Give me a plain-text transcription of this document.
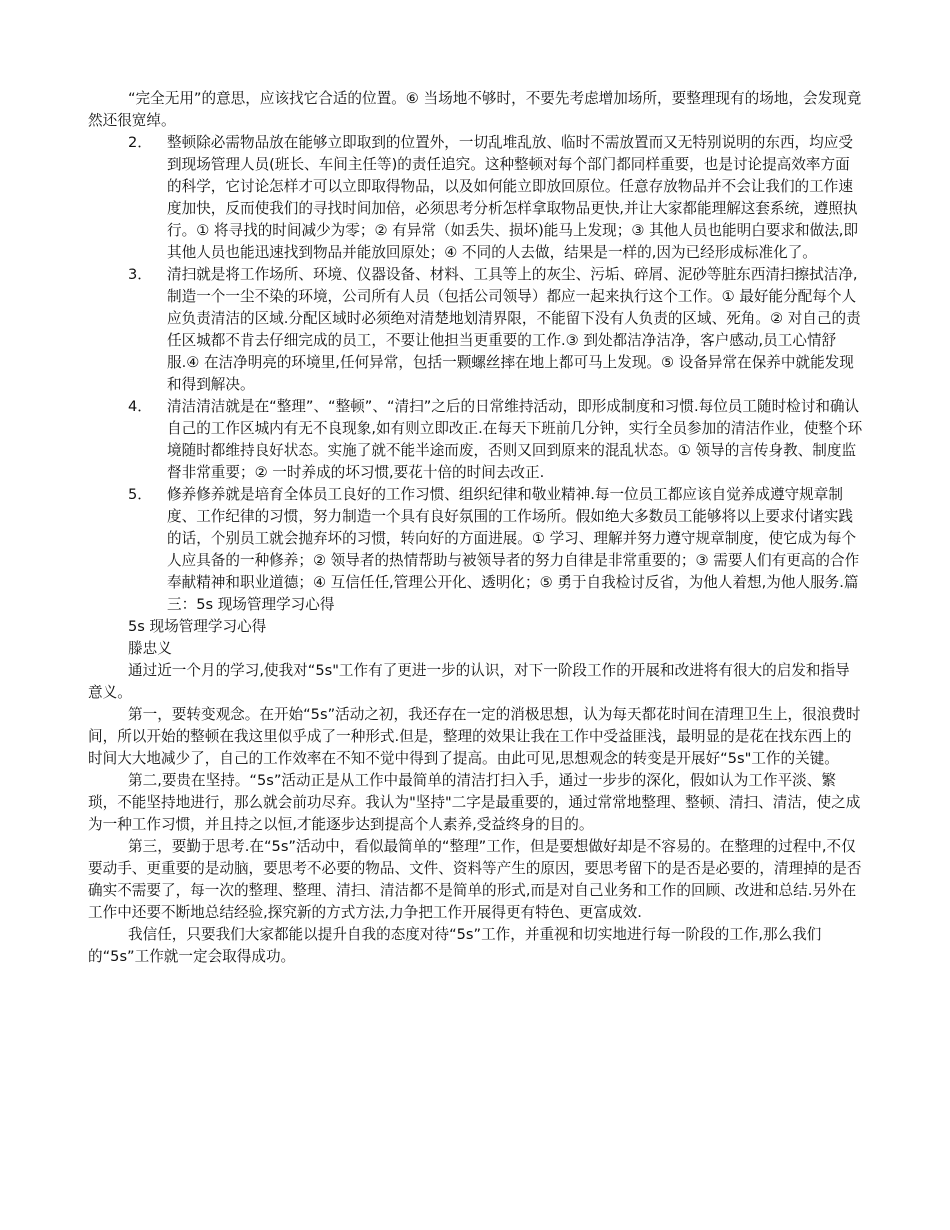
“完全无用”的意思，应该找它合适的位置。⑥ 当场地不够时，不要先考虑增加场所，要整理现有的场地，会发现竟然还很宽绰。

2．	整顿除必需物品放在能够立即取到的位置外，一切乱堆乱放、临时不需放置而又无特别说明的东西，均应受到现场管理人员(班长、车间主任等)的责任追究。这种整顿对每个部门都同样重要，也是讨论提高效率方面的科学，它讨论怎样才可以立即取得物品，以及如何能立即放回原位。任意存放物品并不会让我们的工作速度加快，反而使我们的寻找时间加倍，必须思考分析怎样拿取物品更快,并让大家都能理解这套系统，遵照执行。① 将寻找的时间减少为零；② 有异常（如丢失、损坏)能马上发现；③ 其他人员也能明白要求和做法,即其他人员也能迅速找到物品并能放回原处；④ 不同的人去做，结果是一样的,因为已经形成标准化了。

3．	清扫就是将工作场所、环境、仪器设备、材料、工具等上的灰尘、污垢、碎屑、泥砂等脏东西清扫擦拭洁净,制造一个一尘不染的环境，公司所有人员（包括公司领导）都应一起来执行这个工作。① 最好能分配每个人应负责清洁的区域.分配区域时必须绝对清楚地划清界限，不能留下没有人负责的区域、死角。② 对自己的责任区城都不肯去仔细完成的员工，不要让他担当更重要的工作.③ 到处都洁净洁净，客户感动,员工心情舒服.④ 在洁净明亮的环境里,任何异常，包括一颗螺丝摔在地上都可马上发现。⑤ 设备异常在保养中就能发现和得到解决。

4．	清洁清洁就是在“整理”、“整顿”、“清扫”之后的日常维持活动，即形成制度和习惯.每位员工随时检讨和确认自己的工作区城内有无不良现象,如有则立即改正.在每天下班前几分钟，实行全员参加的清洁作业，使整个环境随时都维持良好状态。实施了就不能半途而废，否则又回到原来的混乱状态。① 领导的言传身教、制度监督非常重要；② 一时养成的坏习惯,要花十倍的时间去改正.

5．	修养修养就是培育全体员工良好的工作习惯、组织纪律和敬业精神.每一位员工都应该自觉养成遵守规章制度、工作纪律的习惯，努力制造一个具有良好氛围的工作场所。假如绝大多数员工能够将以上要求付诸实践的话，个别员工就会抛弃坏的习惯，转向好的方面进展。① 学习、理解并努力遵守规章制度，使它成为每个人应具备的一种修养；② 领导者的热情帮助与被领导者的努力自律是非常重要的；③ 需要人们有更高的合作奉献精神和职业道德；④ 互信任任,管理公开化、透明化；⑤ 勇于自我检讨反省，为他人着想,为他人服务.篇三：5s 现场管理学习心得

5s 现场管理学习心得

滕忠义

通过近一个月的学习,使我对“5s"工作有了更进一步的认识，对下一阶段工作的开展和改进将有很大的启发和指导意义。

第一，要转变观念。在开始“5s”活动之初，我还存在一定的消极思想，认为每天都花时间在清理卫生上，很浪费时间，所以开始的整顿在我这里似乎成了一种形式.但是，整理的效果让我在工作中受益匪浅，最明显的是花在找东西上的时间大大地减少了，自己的工作效率在不知不觉中得到了提高。由此可见,思想观念的转变是开展好“5s"工作的关键。

第二,要贵在坚持。“5s”活动正是从工作中最简单的清洁打扫入手，通过一步步的深化，假如认为工作平淡、繁琐，不能坚持地进行，那么就会前功尽弃。我认为"坚持"二字是最重要的，通过常常地整理、整顿、清扫、清洁，使之成为一种工作习惯，并且持之以恒,才能逐步达到提高个人素养,受益终身的目的。

第三，要勤于思考.在“5s”活动中，看似最简单的“整理”工作，但是要想做好却是不容易的。在整理的过程中,不仅要动手、更重要的是动脑，要思考不必要的物品、文件、资料等产生的原因，要思考留下的是否是必要的，清理掉的是否确实不需要了，每一次的整理、整理、清扫、清洁都不是简单的形式,而是对自己业务和工作的回顾、改进和总结.另外在工作中还要不断地总结经验,探究新的方式方法,力争把工作开展得更有特色、更富成效.

我信任，只要我们大家都能以提升自我的态度对待“5s”工作，并重视和切实地进行每一阶段的工作,那么我们的“5s”工作就一定会取得成功。
